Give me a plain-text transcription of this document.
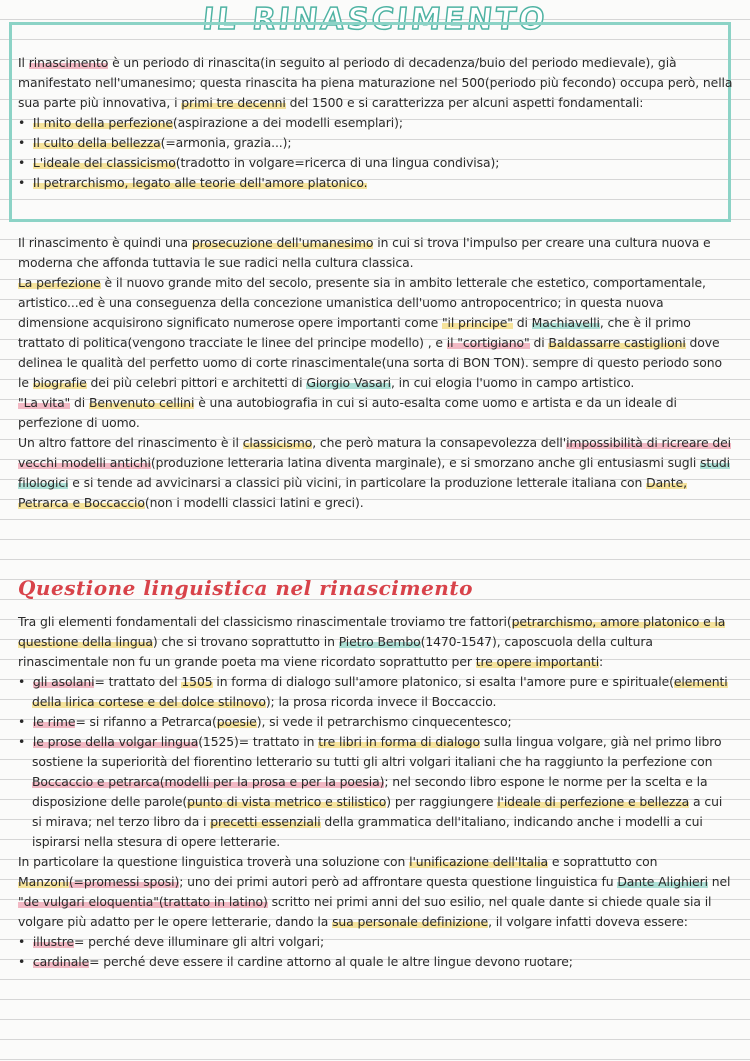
IL RINASCIMENTO

Il rinascimento è un periodo di rinascita(in seguito al periodo di decadenza/buio del periodo medievale), già manifestato nell'umanesimo; questa rinascita ha piena maturazione nel 500(periodo più fecondo) occupa però, nella sua parte più innovativa, i primi tre decenni del 1500 e si caratterizza per alcuni aspetti fondamentali:

•  Il mito della perfezione(aspirazione a dei modelli esemplari);

•  Il culto della bellezza(=armonia, grazia...);

•  L'ideale del classicismo(tradotto in volgare=ricerca di una lingua condivisa);

•  Il petrarchismo, legato alle teorie dell'amore platonico.

Il rinascimento è quindi una prosecuzione dell'umanesimo in cui si trova l'impulso per creare una cultura nuova e moderna che affonda tuttavia le sue radici nella cultura classica.

La perfezione è il nuovo grande mito del secolo, presente sia in ambito letterale che estetico, comportamentale, artistico...ed è una conseguenza della concezione umanistica dell'uomo antropocentrico; in questa nuova dimensione acquisirono significato numerose opere importanti come "il principe" di Machiavelli, che è il primo trattato di politica(vengono tracciate le linee del principe modello) , e il "cortigiano" di Baldassarre castiglioni dove delinea le qualità del perfetto uomo di corte rinascimentale(una sorta di BON TON). sempre di questo periodo sono le biografie dei più celebri pittori e architetti di Giorgio Vasari, in cui elogia l'uomo in campo artistico.

"La vita" di Benvenuto cellini è una autobiografia in cui si auto-esalta come uomo e artista e da un ideale di perfezione di uomo.

Un altro fattore del rinascimento è il classicismo, che però matura la consapevolezza dell'impossibilità di ricreare dei vecchi modelli antichi(produzione letteraria latina diventa marginale), e si smorzano anche gli entusiasmi sugli studi filologici e si tende ad avvicinarsi a classici più vicini, in particolare la produzione letterale italiana con Dante, Petrarca e Boccaccio(non i modelli classici latini e greci).

Questione linguistica nel rinascimento

Tra gli elementi fondamentali del classicismo rinascimentale troviamo tre fattori(petrarchismo, amore platonico e la questione della lingua) che si trovano soprattutto in Pietro Bembo(1470-1547), caposcuola della cultura rinascimentale non fu un grande poeta ma viene ricordato soprattutto per tre opere importanti:

•  gli asolani= trattato del 1505 in forma di dialogo sull'amore platonico, si esalta l'amore pure e spirituale(elementi della lirica cortese e del dolce stilnovo); la prosa ricorda invece il Boccaccio.

•  le rime= si rifanno a Petrarca(poesie), si vede il petrarchismo cinquecentesco;

•  le prose della volgar lingua(1525)= trattato in tre libri in forma di dialogo sulla lingua volgare, già nel primo libro sostiene la superiorità del fiorentino letterario su tutti gli altri volgari italiani che ha raggiunto la perfezione con Boccaccio e petrarca(modelli per la prosa e per la poesia); nel secondo libro espone le norme per la scelta e la disposizione delle parole(punto di vista metrico e stilistico) per raggiungere l'ideale di perfezione e bellezza a cui si mirava; nel terzo libro da i precetti essenziali della grammatica dell'italiano, indicando anche i modelli a cui ispirarsi nella stesura di opere letterarie.

In particolare la questione linguistica troverà una soluzione con l'unificazione dell'Italia e soprattutto con Manzoni(=promessi sposi); uno dei primi autori però ad affrontare questa questione linguistica fu Dante Alighieri nel "de vulgari eloquentia"(trattato in latino) scritto nei primi anni del suo esilio, nel quale dante si chiede quale sia il volgare più adatto per le opere letterarie, dando la sua personale definizione, il volgare infatti doveva essere:

•  illustre= perché deve illuminare gli altri volgari;

•  cardinale= perché deve essere il cardine attorno al quale le altre lingue devono ruotare;
